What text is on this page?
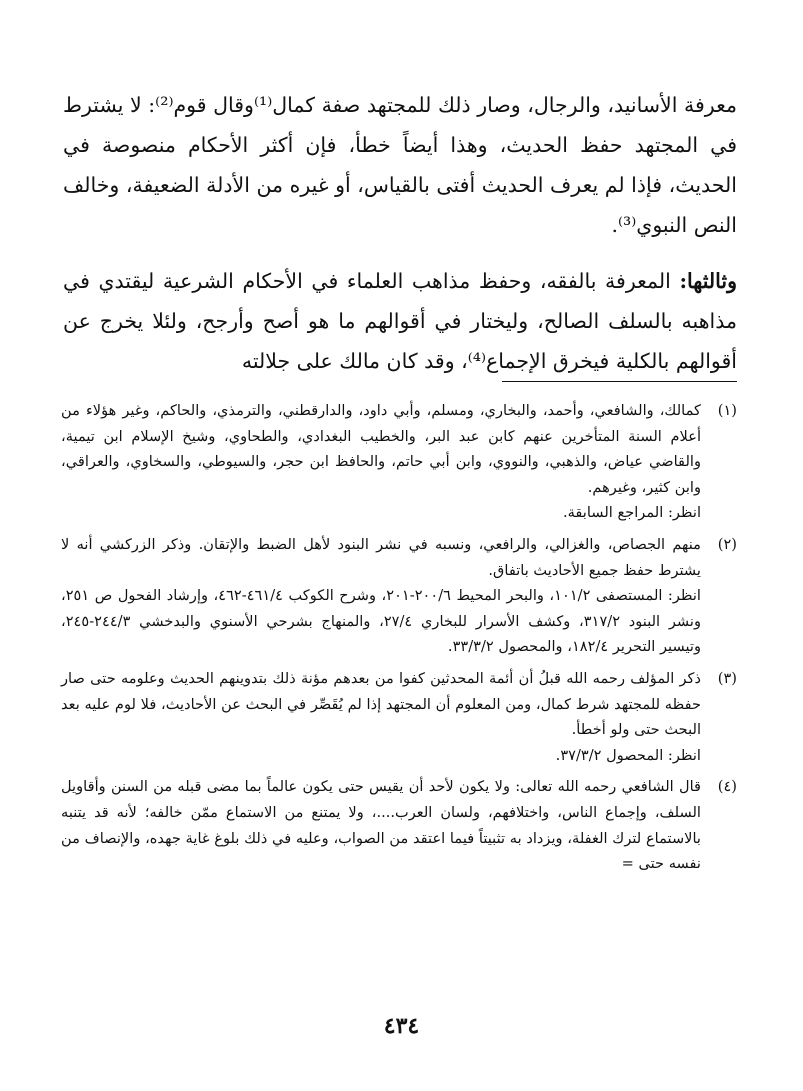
معرفة الأسانيد، والرجال، وصار ذلك للمجتهد صفة كمال⁽¹⁾وقال قوم⁽²⁾: لا يشترط في المجتهد حفظ الحديث، وهذا أيضاً خطأ، فإن أكثر الأحكام منصوصة في الحديث، فإذا لم يعرف الحديث أفتى بالقياس، أو غيره من الأدلة الضعيفة، وخالف النص النبوي⁽³⁾.

وثالثها: المعرفة بالفقه، وحفظ مذاهب العلماء في الأحكام الشرعية ليقتدي في مذاهبه بالسلف الصالح، وليختار في أقوالهم ما هو أصح وأرجح، ولئلا يخرج عن أقوالهم بالكلية فيخرق الإجماع⁽⁴⁾، وقد كان مالك على جلالته

(١)
كمالك، والشافعي، وأحمد، والبخاري، ومسلم، وأبي داود، والدارقطني، والترمذي، والحاكم، وغير هؤلاء من أعلام السنة المتأخرين عنهم كابن عبد البر، والخطيب البغدادي، والطحاوي، وشيخ الإسلام ابن تيمية، والقاضي عياض، والذهبي، والنووي، وابن أبي حاتم، والحافظ ابن حجر، والسيوطي، والسخاوي، والعراقي، وابن كثير، وغيرهم.
انظر: المراجع السابقة.
(٢)
منهم الجصاص، والغزالي، والرافعي، ونسبه في نشر البنود لأهل الضبط والإتقان. وذكر الزركشي أنه لا يشترط حفظ جميع الأحاديث باتفاق.
انظر: المستصفى ١٠١/٢، والبحر المحيط ٢٠٠/٦-٢٠١، وشرح الكوكب ٤٦١/٤-٤٦٢، وإرشاد الفحول ص ٢٥١، ونشر البنود ٣١٧/٢، وكشف الأسرار للبخاري ٢٧/٤، والمنهاج بشرحي الأسنوي والبدخشي ٢٤٤/٣-٢٤٥، وتيسير التحرير ١٨٢/٤، والمحصول ٣٣/٣/٢.
(٣)
ذكر المؤلف رحمه الله قبلُ أن أئمة المحدثين كفوا من بعدهم مؤنة ذلك بتدوينهم الحديث وعلومه حتى صار حفظه للمجتهد شرط كمال، ومن المعلوم أن المجتهد إذا لم يُقَصِّر في البحث عن الأحاديث، فلا لوم عليه بعد البحث حتى ولو أخطأ.
انظر: المحصول ٣٧/٣/٢.
(٤)
قال الشافعي رحمه الله تعالى: ولا يكون لأحد أن يقيس حتى يكون عالماً بما مضى قبله من السنن وأقاويل السلف، وإجماع الناس، واختلافهم، ولسان العرب....، ولا يمتنع من الاستماع ممّن خالفه؛ لأنه قد يتنبه بالاستماع لترك الغفلة، ويزداد به تثبيتاً فيما اعتقد من الصواب، وعليه في ذلك بلوغ غاية جهده، والإنصاف من نفسه حتى =
٤٣٤
